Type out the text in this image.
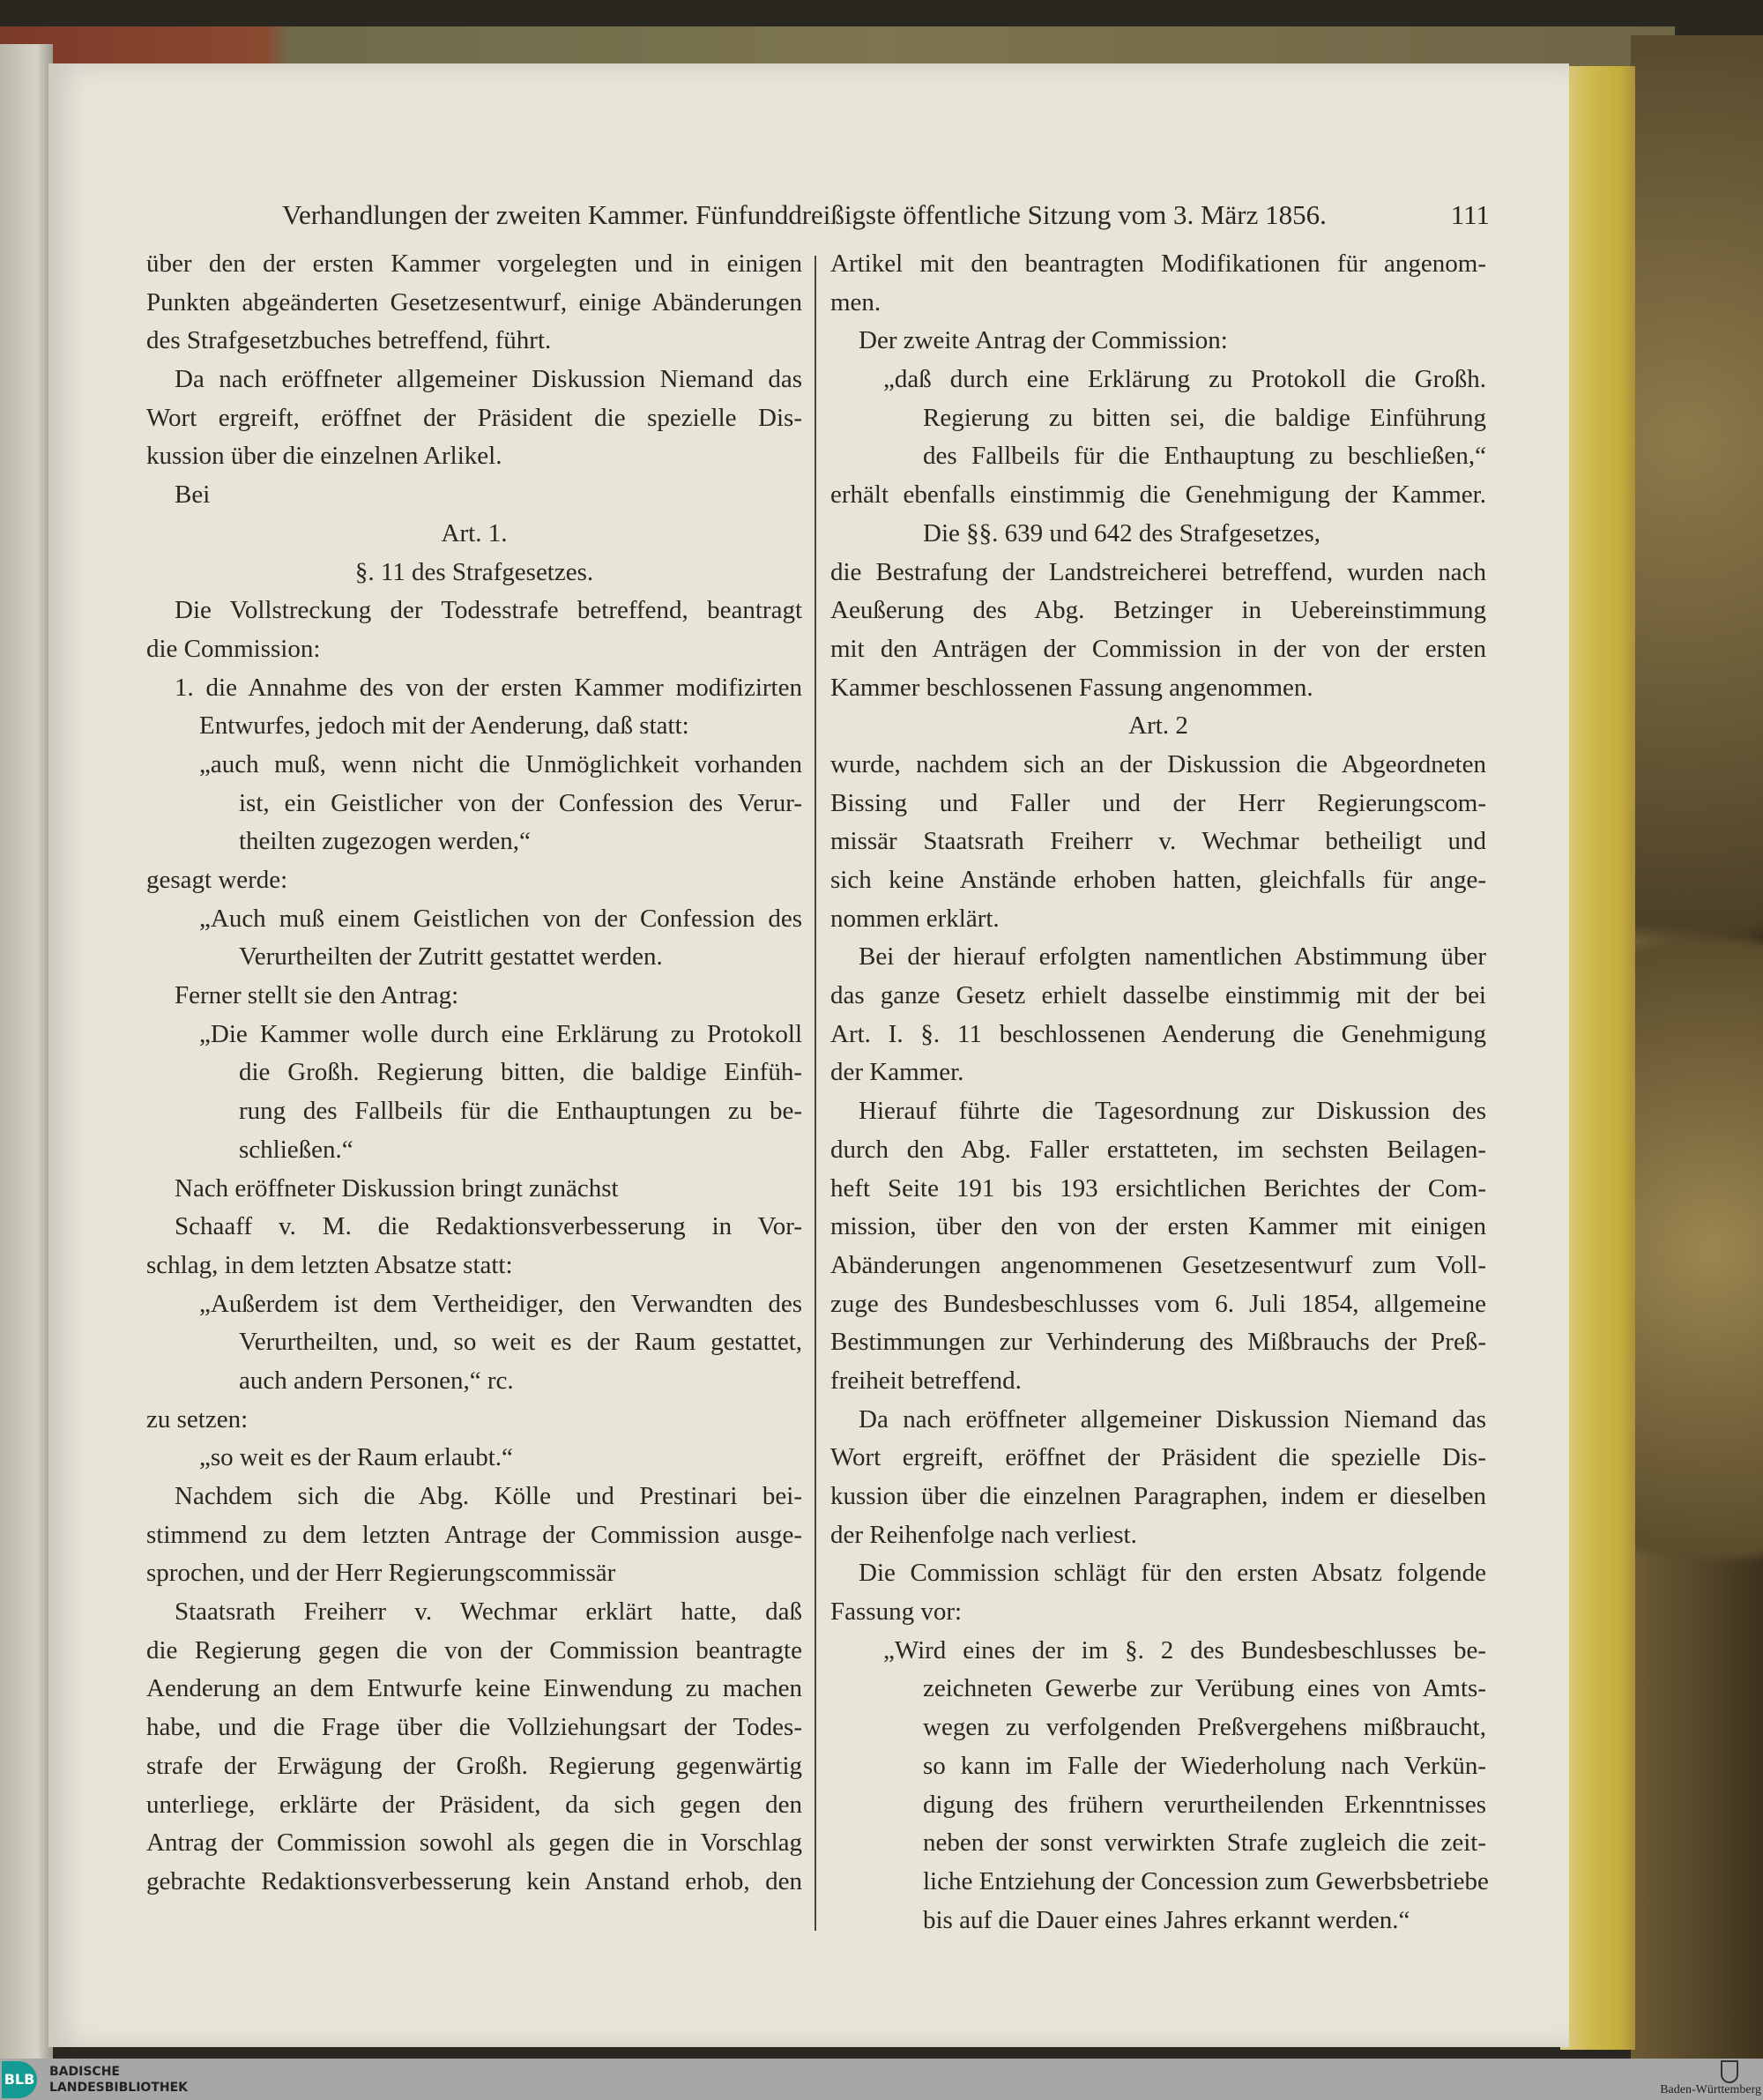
Verhandlungen der zweiten Kammer. Fünfunddreißigste öffentliche Sitzung vom 3. März 1856.	111
über den der ersten Kammer vorgelegten und in einigen
Punkten abgeänderten Gesetzesentwurf, einige Abänderungen
des Strafgesetzbuches betreffend, führt.
Da nach eröffneter allgemeiner Diskussion Niemand das
Wort ergreift, eröffnet der Präsident die spezielle Dis-
kussion über die einzelnen Arlikel.
Bei
Art. 1.
§. 11 des Strafgesetzes.
Die Vollstreckung der Todesstrafe betreffend, beantragt
die Commission:
1. die Annahme des von der ersten Kammer modifizirten
Entwurfes, jedoch mit der Aenderung, daß statt:
„auch muß, wenn nicht die Unmöglichkeit vorhanden
ist, ein Geistlicher von der Confession des Verur-
theilten zugezogen werden,“
gesagt werde:
„Auch muß einem Geistlichen von der Confession des
Verurtheilten der Zutritt gestattet werden.
Ferner stellt sie den Antrag:
„Die Kammer wolle durch eine Erklärung zu Protokoll
die Großh. Regierung bitten, die baldige Einfüh-
rung des Fallbeils für die Enthauptungen zu be-
schließen.“
Nach eröffneter Diskussion bringt zunächst
Schaaff v. M. die Redaktionsverbesserung in Vor-
schlag, in dem letzten Absatze statt:
„Außerdem ist dem Vertheidiger, den Verwandten des
Verurtheilten, und, so weit es der Raum gestattet,
auch andern Personen,“ rc.
zu setzen:
„so weit es der Raum erlaubt.“
Nachdem sich die Abg. Kölle und Prestinari bei-
stimmend zu dem letzten Antrage der Commission ausge-
sprochen, und der Herr Regierungscommissär
Staatsrath Freiherr v. Wechmar erklärt hatte, daß
die Regierung gegen die von der Commission beantragte
Aenderung an dem Entwurfe keine Einwendung zu machen
habe, und die Frage über die Vollziehungsart der Todes-
strafe der Erwägung der Großh. Regierung gegenwärtig
unterliege, erklärte der Präsident, da sich gegen den
Antrag der Commission sowohl als gegen die in Vorschlag
gebrachte Redaktionsverbesserung kein Anstand erhob, den
Artikel mit den beantragten Modifikationen für angenom-
men.
Der zweite Antrag der Commission:
„daß durch eine Erklärung zu Protokoll die Großh.
Regierung zu bitten sei, die baldige Einführung
des Fallbeils für die Enthauptung zu beschließen,“
erhält ebenfalls einstimmig die Genehmigung der Kammer.
Die §§. 639 und 642 des Strafgesetzes,
die Bestrafung der Landstreicherei betreffend, wurden nach
Aeußerung des Abg. Betzinger in Uebereinstimmung
mit den Anträgen der Commission in der von der ersten
Kammer beschlossenen Fassung angenommen.
Art. 2
wurde, nachdem sich an der Diskussion die Abgeordneten
Bissing und Faller und der Herr Regierungscom-
missär Staatsrath Freiherr v. Wechmar betheiligt und
sich keine Anstände erhoben hatten, gleichfalls für ange-
nommen erklärt.
Bei der hierauf erfolgten namentlichen Abstimmung über
das ganze Gesetz erhielt dasselbe einstimmig mit der bei
Art. I. §. 11 beschlossenen Aenderung die Genehmigung
der Kammer.
Hierauf führte die Tagesordnung zur Diskussion des
durch den Abg. Faller erstatteten, im sechsten Beilagen-
heft Seite 191 bis 193 ersichtlichen Berichtes der Com-
mission, über den von der ersten Kammer mit einigen
Abänderungen angenommenen Gesetzesentwurf zum Voll-
zuge des Bundesbeschlusses vom 6. Juli 1854, allgemeine
Bestimmungen zur Verhinderung des Mißbrauchs der Preß-
freiheit betreffend.
Da nach eröffneter allgemeiner Diskussion Niemand das
Wort ergreift, eröffnet der Präsident die spezielle Dis-
kussion über die einzelnen Paragraphen, indem er dieselben
der Reihenfolge nach verliest.
Die Commission schlägt für den ersten Absatz folgende
Fassung vor:
„Wird eines der im §. 2 des Bundesbeschlusses be-
zeichneten Gewerbe zur Verübung eines von Amts-
wegen zu verfolgenden Preßvergehens mißbraucht,
so kann im Falle der Wiederholung nach Verkün-
digung des frühern verurtheilenden Erkenntnisses
neben der sonst verwirkten Strafe zugleich die zeit-
liche Entziehung der Concession zum Gewerbsbetriebe
bis auf die Dauer eines Jahres erkannt werden.“
BLB BADISCHE
LANDESBIBLIOTHEK	Baden-Württemberg
